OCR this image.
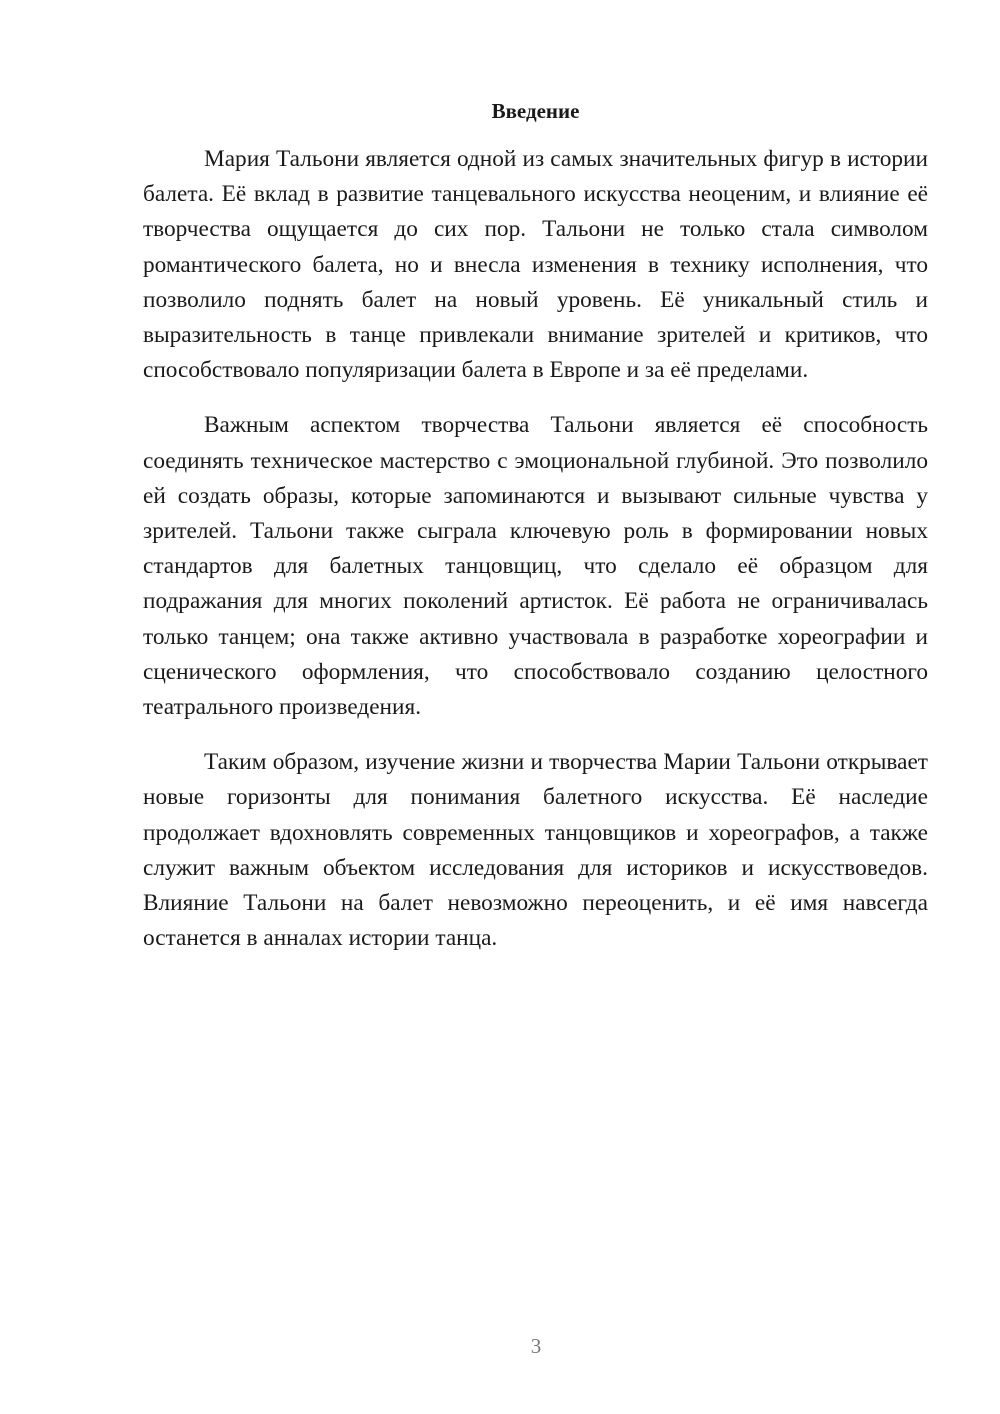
Введение

Мария Тальони является одной из самых значительных фигур в истории балета. Её вклад в развитие танцевального искусства неоценим, и влияние её творчества ощущается до сих пор. Тальони не только стала символом романтического балета, но и внесла изменения в технику исполнения, что позволило поднять балет на новый уровень. Её уникальный стиль и выразительность в танце привлекали внимание зрителей и критиков, что способствовало популяризации балета в Европе и за её пределами.

Важным аспектом творчества Тальони является её способность соединять техническое мастерство с эмоциональной глубиной. Это позволило ей создать образы, которые запоминаются и вызывают сильные чувства у зрителей. Тальони также сыграла ключевую роль в формировании новых стандартов для балетных танцовщиц, что сделало её образцом для подражания для многих поколений артисток. Её работа не ограничивалась только танцем; она также активно участвовала в разработке хореографии и сценического оформления, что способствовало созданию целостного театрального произведения.

Таким образом, изучение жизни и творчества Марии Тальони открывает новые горизонты для понимания балетного искусства. Её наследие продолжает вдохновлять современных танцовщиков и хореографов, а также служит важным объектом исследования для историков и искусствоведов. Влияние Тальони на балет невозможно переоценить, и её имя навсегда останется в анналах истории танца.

3
